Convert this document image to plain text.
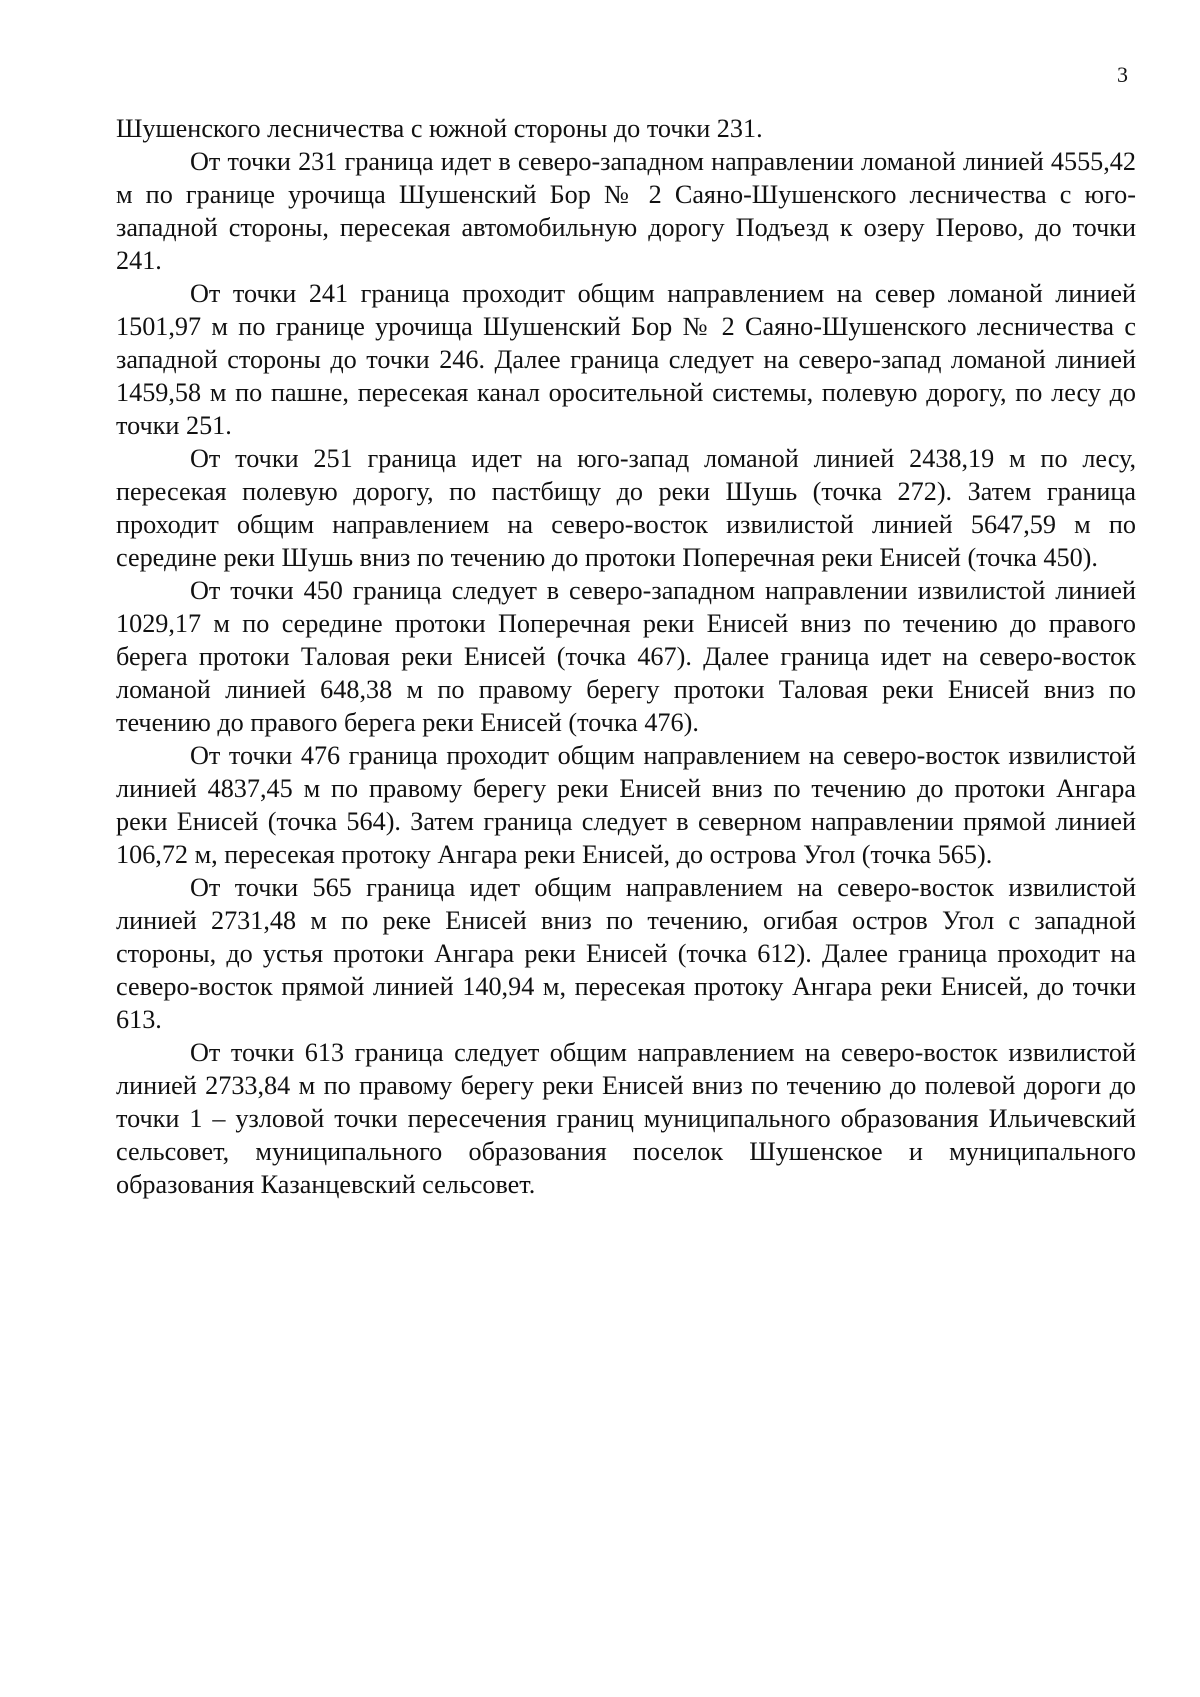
3

Шушенского лесничества с южной стороны до точки 231.

От точки 231 граница идет в северо-западном направлении ломаной линией 4555,42 м по границе урочища Шушенский Бор № 2 Саяно-Шушенского лесничества с юго-западной стороны, пересекая автомобильную дорогу Подъезд к озеру Перово, до точки 241.

От точки 241 граница проходит общим направлением на север ломаной линией 1501,97 м по границе урочища Шушенский Бор № 2 Саяно-Шушенского лесничества с западной стороны до точки 246. Далее граница следует на северо-запад ломаной линией 1459,58 м по пашне, пересекая канал оросительной системы, полевую дорогу, по лесу до точки 251.

От точки 251 граница идет на юго-запад ломаной линией 2438,19 м по лесу, пересекая полевую дорогу, по пастбищу до реки Шушь (точка 272). Затем граница проходит общим направлением на северо-восток извилистой линией 5647,59 м по середине реки Шушь вниз по течению до протоки Поперечная реки Енисей (точка 450).

От точки 450 граница следует в северо-западном направлении извилистой линией 1029,17 м по середине протоки Поперечная реки Енисей вниз по течению до правого берега протоки Таловая реки Енисей (точка 467). Далее граница идет на северо-восток ломаной линией 648,38 м по правому берегу протоки Таловая реки Енисей вниз по течению до правого берега реки Енисей (точка 476).

От точки 476 граница проходит общим направлением на северо-восток извилистой линией 4837,45 м по правому берегу реки Енисей вниз по течению до протоки Ангара реки Енисей (точка 564). Затем граница следует в северном направлении прямой линией 106,72 м, пересекая протоку Ангара реки Енисей, до острова Угол (точка 565).

От точки 565 граница идет общим направлением на северо-восток извилистой линией 2731,48 м по реке Енисей вниз по течению, огибая остров Угол с западной стороны, до устья протоки Ангара реки Енисей (точка 612). Далее граница проходит на северо-восток прямой линией 140,94 м, пересекая протоку Ангара реки Енисей, до точки 613.

От точки 613 граница следует общим направлением на северо-восток извилистой линией 2733,84 м по правому берегу реки Енисей вниз по течению до полевой дороги до точки 1 – узловой точки пересечения границ муниципального образования Ильичевский сельсовет, муниципального образования поселок Шушенское и муниципального образования Казанцевский сельсовет.
